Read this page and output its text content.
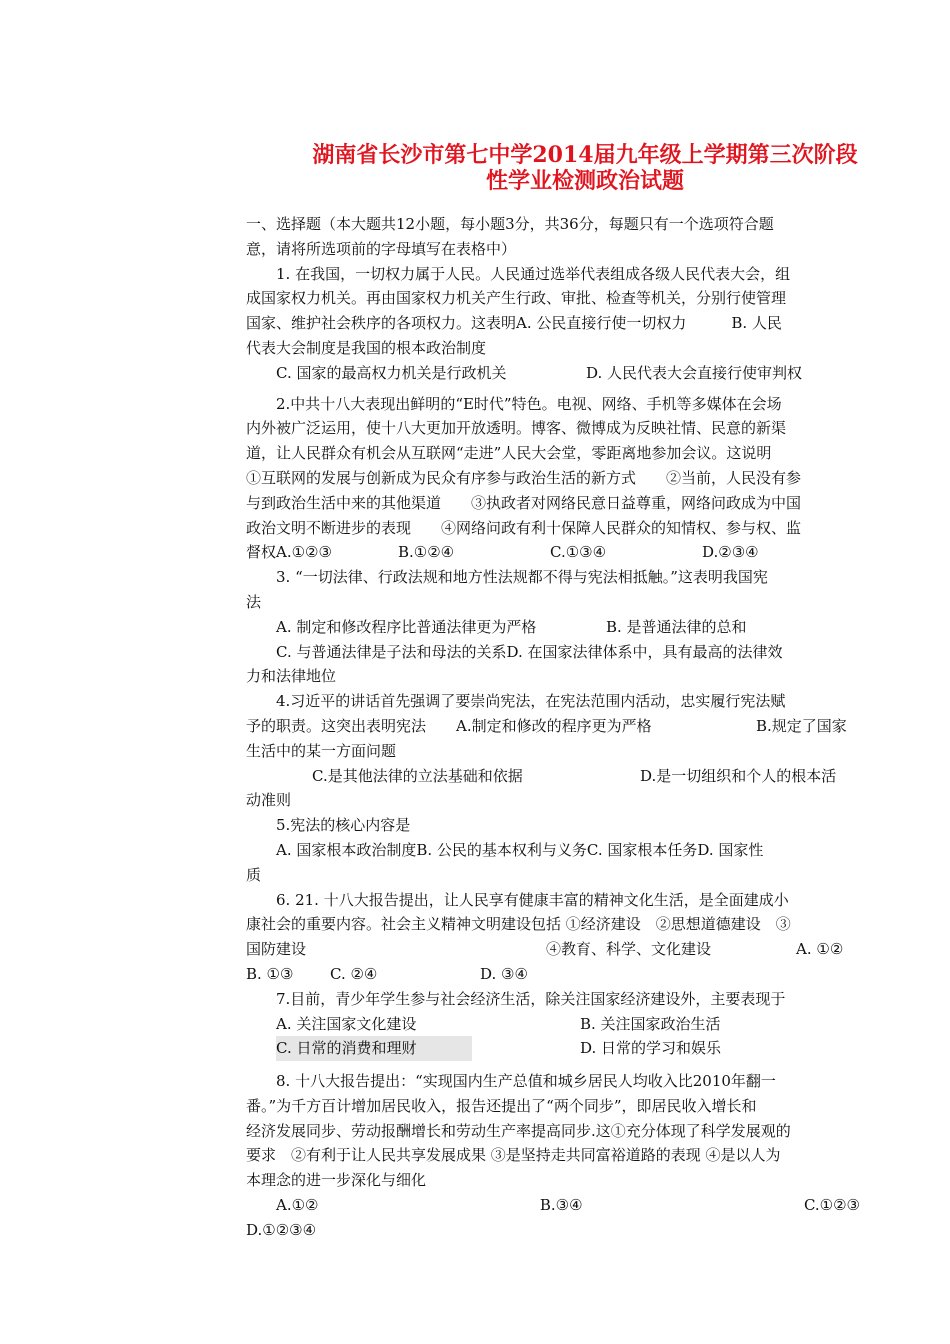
湖南省长沙市第七中学2014届九年级上学期第三次阶段
性学业检测政治试题
一、选择题（本大题共12小题，每小题3分，共36分，每题只有一个选项符合题
意，请将所选项前的字母填写在表格中）
1. 在我国，一切权力属于人民。人民通过选举代表组成各级人民代表大会，组
成国家权力机关。再由国家权力机关产生行政、审批、检查等机关，分别行使管理
国家、维护社会秩序的各项权力。这表明A. 公民直接行使一切权力　　　B. 人民
代表大会制度是我国的根本政治制度
C. 国家的最高权力机关是行政机关	D. 人民代表大会直接行使审判权
2.中共十八大表现出鲜明的“E时代”特色。电视、网络、手机等多媒体在会场
内外被广泛运用，使十八大更加开放透明。博客、微博成为反映社情、民意的新渠
道，让人民群众有机会从互联网“走进”人民大会堂，零距离地参加会议。这说明
①互联网的发展与创新成为民众有序参与政治生活的新方式　　②当前，人民没有参
与到政治生活中来的其他渠道　　③执政者对网络民意日益尊重，网络问政成为中国
政治文明不断进步的表现　　④网络问政有利十保障人民群众的知情权、参与权、监
督权A.①②③	B.①②④	C.①③④	D.②③④
3. “一切法律、行政法规和地方性法规都不得与宪法相抵触。”这表明我国宪
法
A. 制定和修改程序比普通法律更为严格	B. 是普通法律的总和
C. 与普通法律是子法和母法的关系D. 在国家法律体系中，具有最高的法律效
力和法律地位
4.习近平的讲话首先强调了要崇尚宪法，在宪法范围内活动，忠实履行宪法赋
予的职责。这突出表明宪法　　A.制定和修改的程序更为严格	B.规定了国家
生活中的某一方面问题
C.是其他法律的立法基础和依据	D.是一切组织和个人的根本活
动准则
5.宪法的核心内容是
A. 国家根本政治制度B. 公民的基本权利与义务C. 国家根本任务D. 国家性
质
6. 21. 十八大报告提出，让人民享有健康丰富的精神文化生活，是全面建成小
康社会的重要内容。社会主义精神文明建设包括 ①经济建设　②思想道德建设　③
国防建设	④教育、科学、文化建设	A. ①②
B. ①③	C. ②④	D. ③④
7.目前，青少年学生参与社会经济生活，除关注国家经济建设外，主要表现于
A. 关注国家文化建设	B. 关注国家政治生活
C. 日常的消费和理财	D. 日常的学习和娱乐
8. 十八大报告提出：“实现国内生产总值和城乡居民人均收入比2010年翻一
番。”为千方百计增加居民收入，报告还提出了“两个同步”，即居民收入增长和
经济发展同步、劳动报酬增长和劳动生产率提高同步.这①充分体现了科学发展观的
要求　②有利于让人民共享发展成果 ③是坚持走共同富裕道路的表现 ④是以人为
本理念的进一步深化与细化
A.①②	B.③④	C.①②③
D.①②③④
